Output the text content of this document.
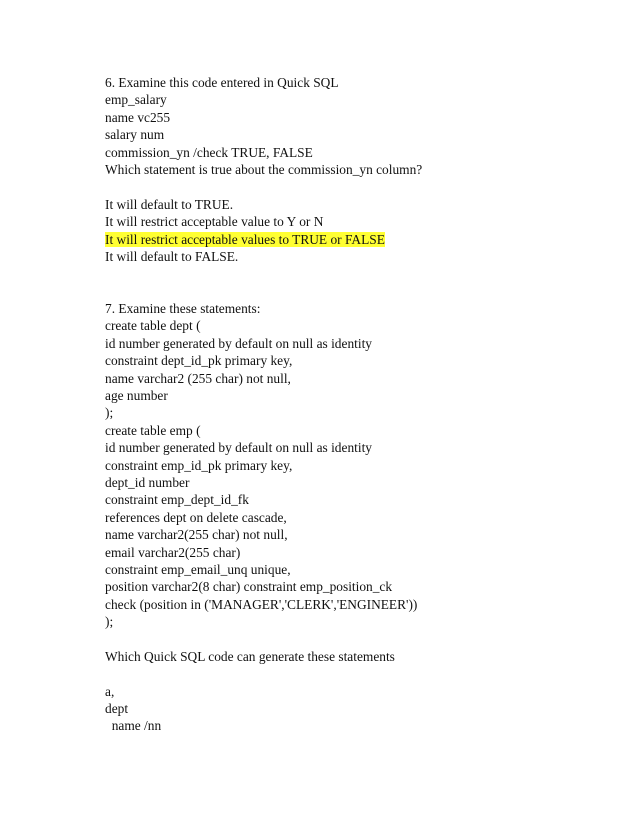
6. Examine this code entered in Quick SQL
emp_salary
name vc255
salary num
commission_yn /check TRUE, FALSE
Which statement is true about the commission_yn column?
It will default to TRUE.
It will restrict acceptable value to Y or N
It will restrict acceptable values to TRUE or FALSE
It will default to FALSE.
7. Examine these statements:
create table dept (
id number generated by default on null as identity
constraint dept_id_pk primary key,
name varchar2 (255 char) not null,
age number
);
create table emp (
id number generated by default on null as identity
constraint emp_id_pk primary key,
dept_id number
constraint emp_dept_id_fk
references dept on delete cascade,
name varchar2(255 char) not null,
email varchar2(255 char)
constraint emp_email_unq unique,
position varchar2(8 char) constraint emp_position_ck
check (position in ('MANAGER','CLERK','ENGINEER'))
);
Which Quick SQL code can generate these statements
a,
dept
name /nn
